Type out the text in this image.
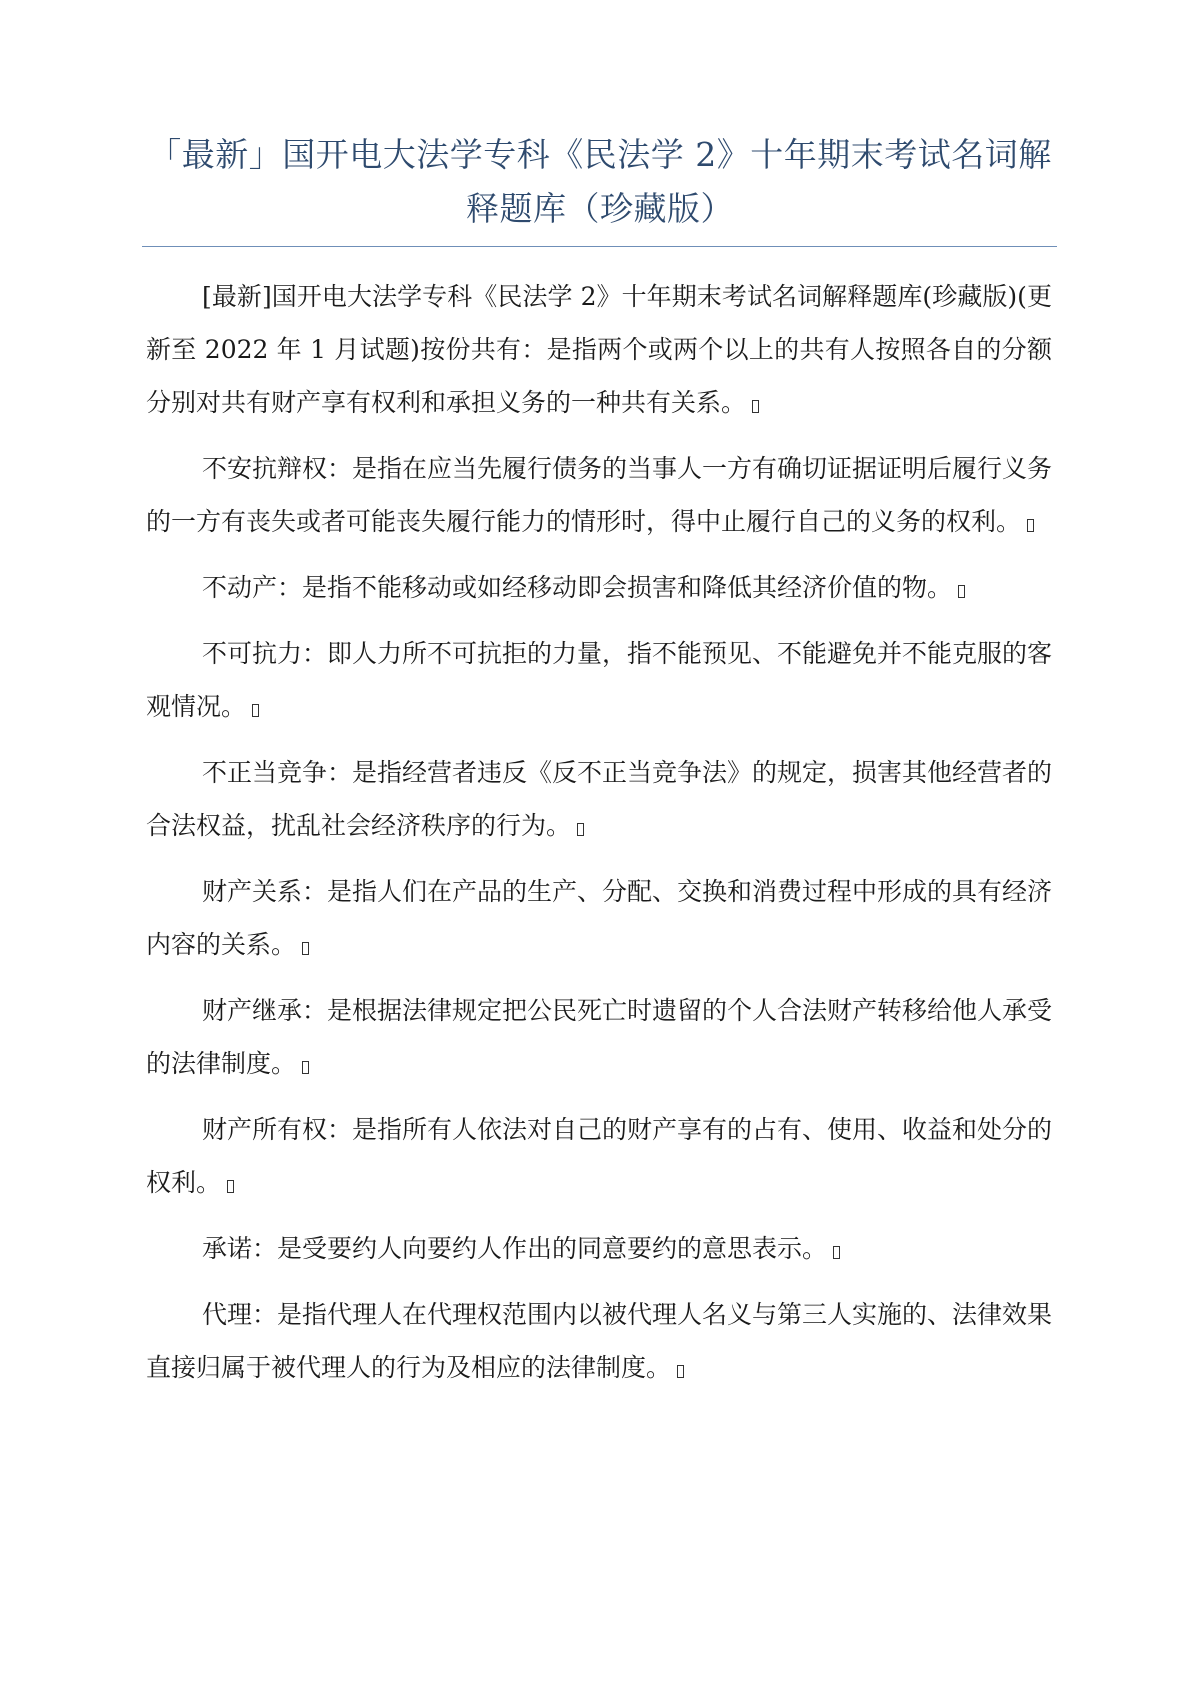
「最新」国开电大法学专科《民法学 2》十年期末考试名词解释题库（珍藏版）

[最新]国开电大法学专科《民法学 2》十年期末考试名词解释题库(珍藏版)(更新至 2022 年 1 月试题)按份共有：是指两个或两个以上的共有人按照各自的分额分别对共有财产享有权利和承担义务的一种共有关系。

不安抗辩权：是指在应当先履行债务的当事人一方有确切证据证明后履行义务的一方有丧失或者可能丧失履行能力的情形时，得中止履行自己的义务的权利。

不动产：是指不能移动或如经移动即会损害和降低其经济价值的物。

不可抗力：即人力所不可抗拒的力量，指不能预见、不能避免并不能克服的客观情况。

不正当竞争：是指经营者违反《反不正当竞争法》的规定，损害其他经营者的合法权益，扰乱社会经济秩序的行为。

财产关系：是指人们在产品的生产、分配、交换和消费过程中形成的具有经济内容的关系。

财产继承：是根据法律规定把公民死亡时遗留的个人合法财产转移给他人承受的法律制度。

财产所有权：是指所有人依法对自己的财产享有的占有、使用、收益和处分的权利。

承诺：是受要约人向要约人作出的同意要约的意思表示。

代理：是指代理人在代理权范围内以被代理人名义与第三人实施的、法律效果直接归属于被代理人的行为及相应的法律制度。
